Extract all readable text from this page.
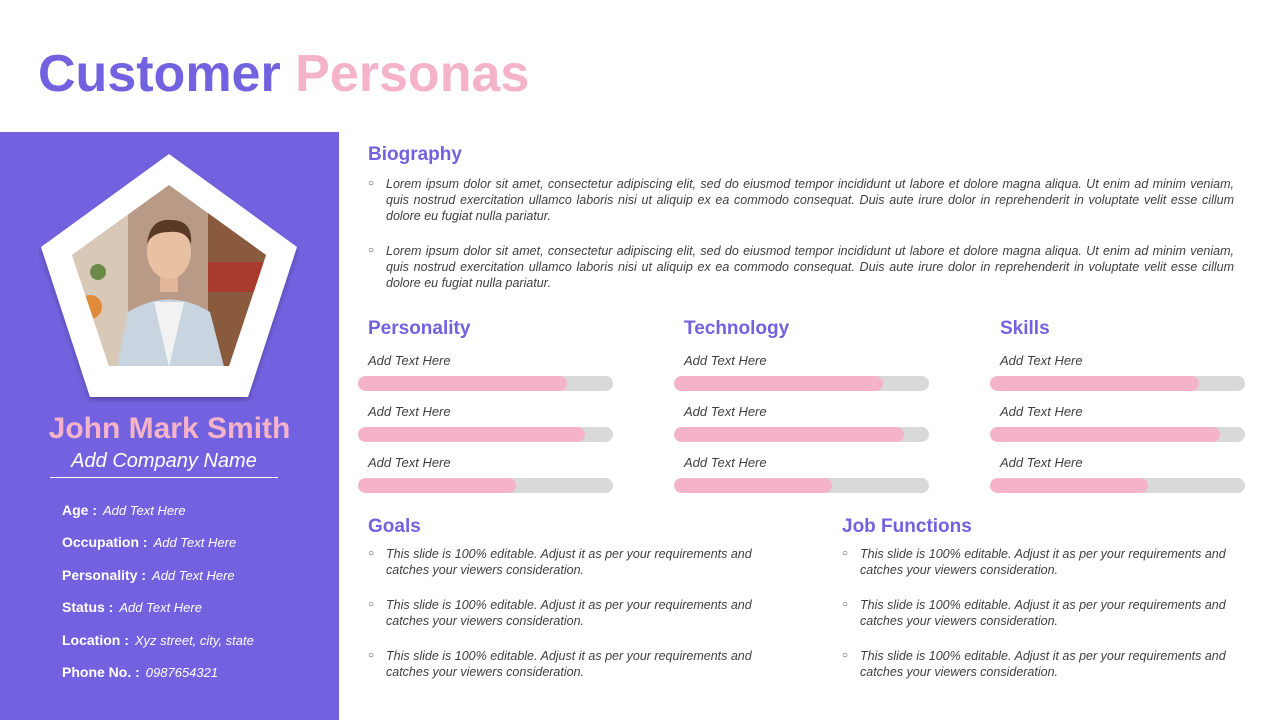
Customer Personas
John Mark Smith
Add Company Name
Age : Add Text Here
Occupation : Add Text Here
Personality : Add Text Here
Status : Add Text Here
Location : Xyz street, city, state
Phone No. : 0987654321
Biography
○ Lorem ipsum dolor sit amet, consectetur adipiscing elit, sed do eiusmod tempor incididunt ut labore et dolore magna aliqua. Ut enim ad minim veniam, quis nostrud exercitation ullamco laboris nisi ut aliquip ex ea commodo consequat. Duis aute irure dolor in reprehenderit in voluptate velit esse cillum dolore eu fugiat nulla pariatur.
○ Lorem ipsum dolor sit amet, consectetur adipiscing elit, sed do eiusmod tempor incididunt ut labore et dolore magna aliqua. Ut enim ad minim veniam, quis nostrud exercitation ullamco laboris nisi ut aliquip ex ea commodo consequat. Duis aute irure dolor in reprehenderit in voluptate velit esse cillum dolore eu fugiat nulla pariatur.
Personality
Add Text Here
Add Text Here
Add Text Here
Technology
Add Text Here
Add Text Here
Add Text Here
Skills
Add Text Here
Add Text Here
Add Text Here
Goals
○ This slide is 100% editable. Adjust it as per your requirements and catches your viewers consideration.
○ This slide is 100% editable. Adjust it as per your requirements and catches your viewers consideration.
○ This slide is 100% editable. Adjust it as per your requirements and catches your viewers consideration.
Job Functions
○ This slide is 100% editable. Adjust it as per your requirements and catches your viewers consideration.
○ This slide is 100% editable. Adjust it as per your requirements and catches your viewers consideration.
○ This slide is 100% editable. Adjust it as per your requirements and catches your viewers consideration.
